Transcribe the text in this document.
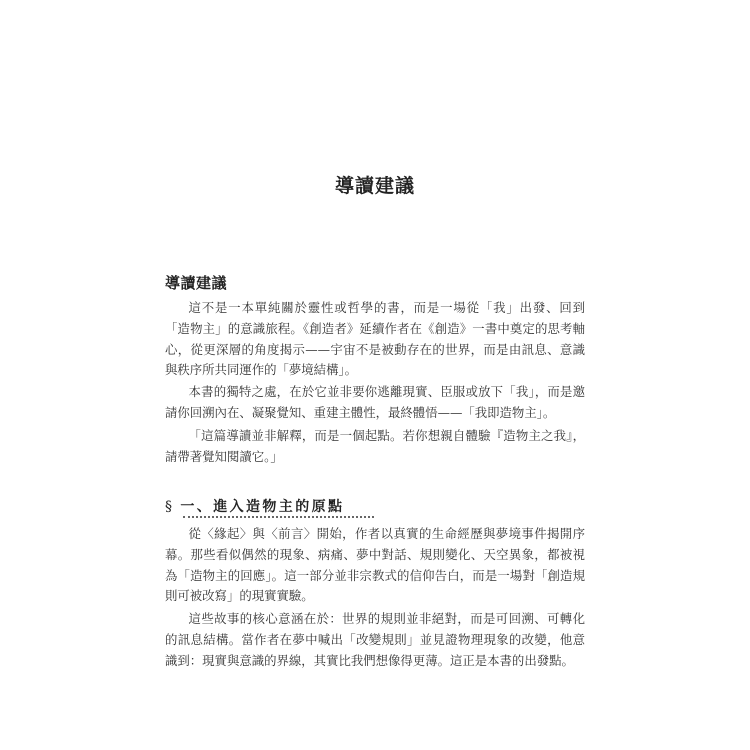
導讀建議
導讀建議

這不是一本單純關於靈性或哲學的書，而是一場從「我」出發、回到「造物主」的意識旅程。《創造者》延續作者在《創造》一書中奠定的思考軸心，從更深層的角度揭示——宇宙不是被動存在的世界，而是由訊息、意識與秩序所共同運作的「夢境結構」。

本書的獨特之處，在於它並非要你逃離現實、臣服或放下「我」，而是邀請你回溯內在、凝聚覺知、重建主體性，最終體悟——「我即造物主」。

「這篇導讀並非解釋，而是一個起點。若你想親自體驗『造物主之我』，請帶著覺知閱讀它。」

§ 一、進入造物主的原點

從〈緣起〉與〈前言〉開始，作者以真實的生命經歷與夢境事件揭開序幕。那些看似偶然的現象、病痛、夢中對話、規則變化、天空異象，都被視為「造物主的回應」。這一部分並非宗教式的信仰告白，而是一場對「創造規則可被改寫」的現實實驗。

這些故事的核心意涵在於：世界的規則並非絕對，而是可回溯、可轉化的訊息結構。當作者在夢中喊出「改變規則」並見證物理現象的改變，他意識到：現實與意識的界線，其實比我們想像得更薄。這正是本書的出發點。
